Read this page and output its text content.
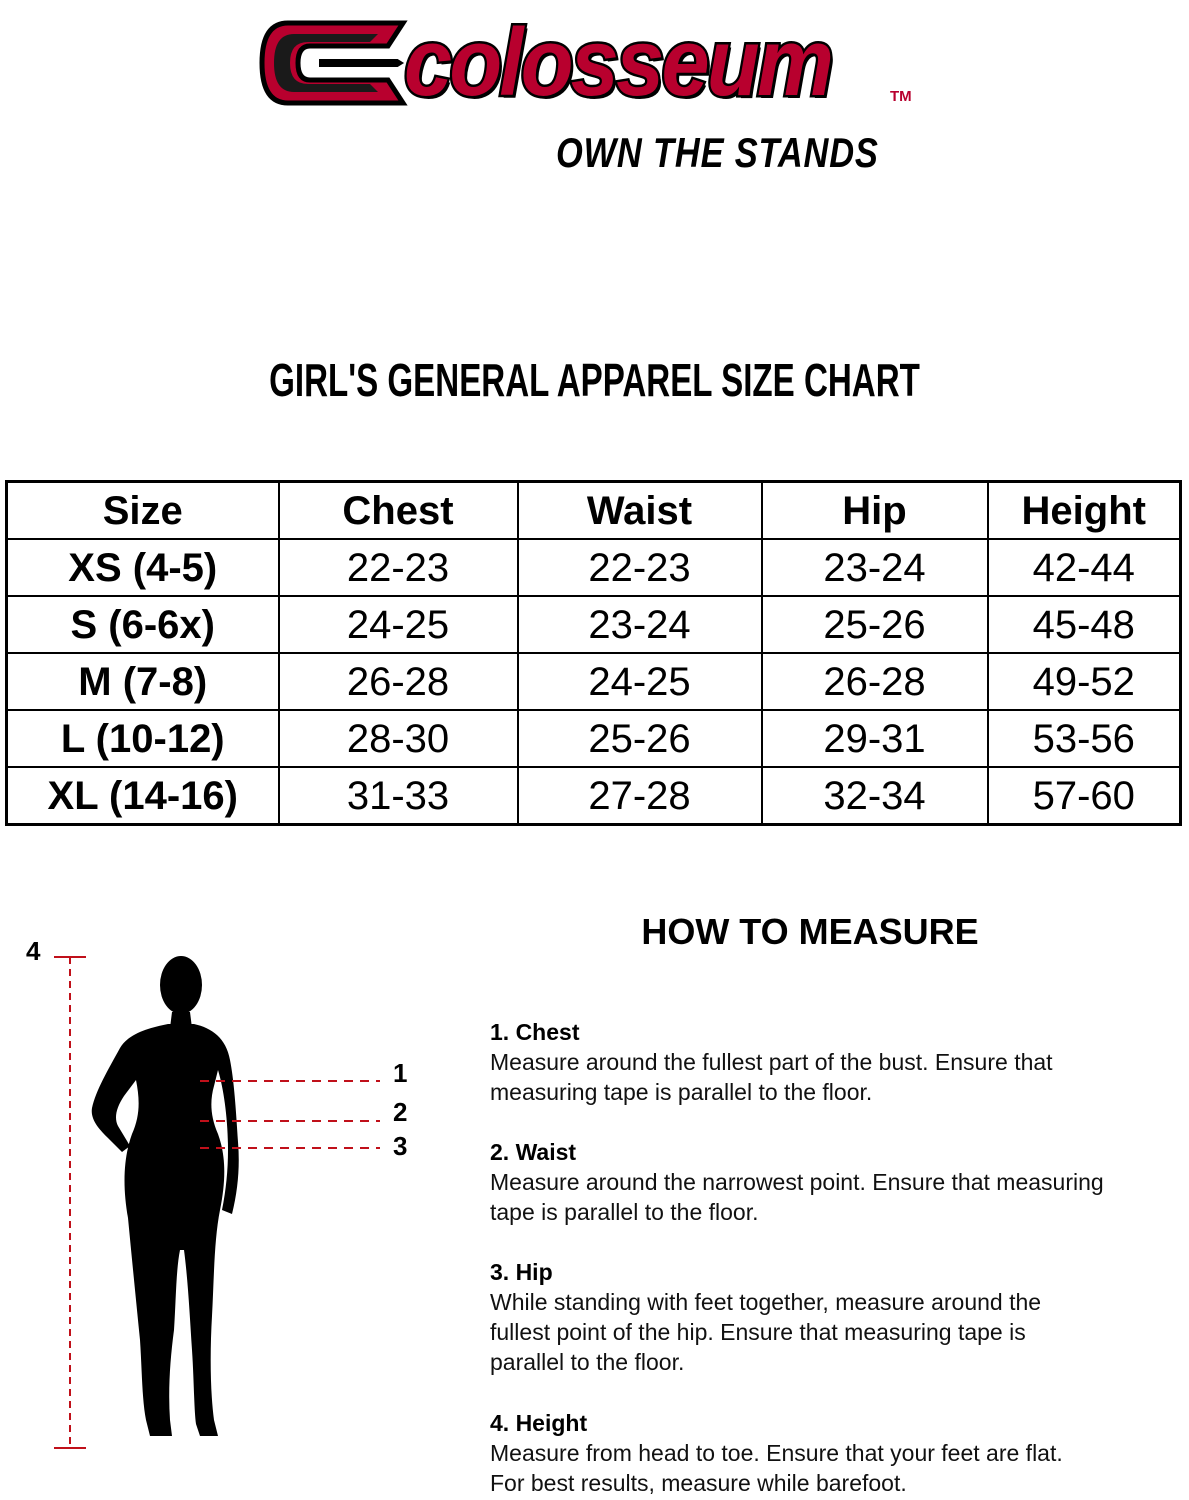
colosseum	TM

OWN THE STANDS

GIRL'S GENERAL APPAREL SIZE CHART
Size	Chest	Waist	Hip	Height
XS (4-5)	22-23	22-23	23-24	42-44
S (6-6x)	24-25	23-24	25-26	45-48
M (7-8)	26-28	24-25	26-28	49-52
L (10-12)	28-30	25-26	29-31	53-56
XL (14-16)	31-33	27-28	32-34	57-60
4
1
2
3
HOW TO MEASURE
1. Chest
Measure around the fullest part of the bust. Ensure that
measuring tape is parallel to the floor.
2. Waist
Measure around the narrowest point. Ensure that measuring
tape is parallel to the floor.
3. Hip
While standing with feet together, measure around the
fullest point of the hip. Ensure that measuring tape is
parallel to the floor.
4. Height
Measure from head to toe. Ensure that your feet are flat.
For best results, measure while barefoot.
